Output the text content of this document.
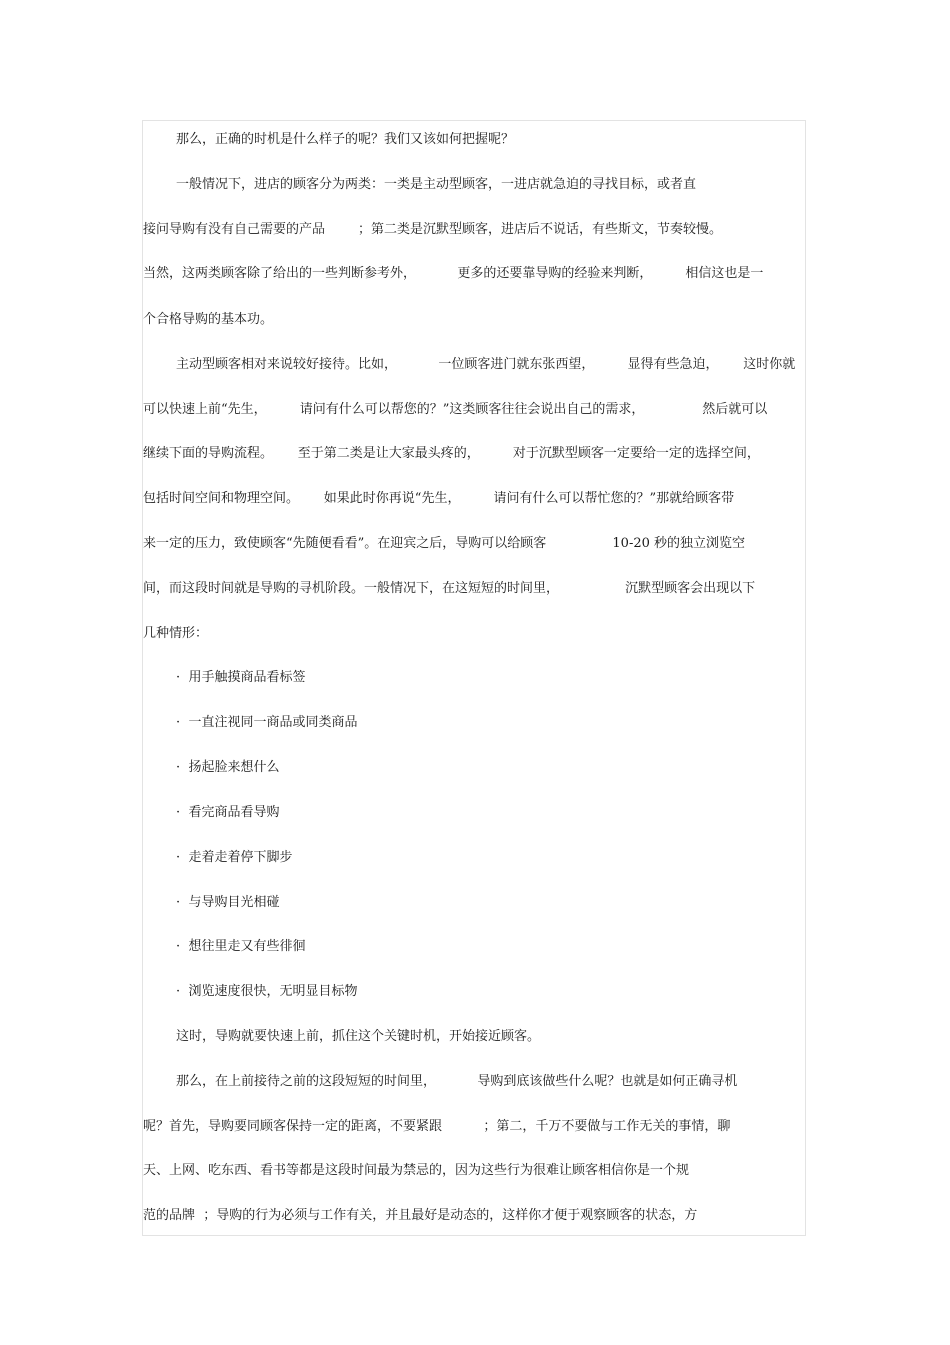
那么，正确的时机是什么样子的呢？我们又该如何把握呢？
一般情况下，进店的顾客分为两类：一类是主动型顾客，一进店就急迫的寻找目标，或者直
接问导购有没有自己需要的产品        ；第二类是沉默型顾客，进店后不说话，有些斯文，节奏较慢。
当然，这两类顾客除了给出的一些判断参考外，          更多的还要靠导购的经验来判断，        相信这也是一
个合格导购的基本功。
主动型顾客相对来说较好接待。比如，          一位顾客进门就东张西望，        显得有些急迫，      这时你就
可以快速上前“先生，        请问有什么可以帮您的？”这类顾客往往会说出自己的需求，              然后就可以
继续下面的导购流程。      至于第二类是让大家最头疼的，        对于沉默型顾客一定要给一定的选择空间，
包括时间空间和物理空间。      如果此时你再说“先生，        请问有什么可以帮忙您的？”那就给顾客带
来一定的压力，致使顾客“先随便看看”。在迎宾之后，导购可以给顾客                10-20 秒的独立浏览空
间，而这段时间就是导购的寻机阶段。一般情况下，在这短短的时间里，                沉默型顾客会出现以下
几种情形：
·  用手触摸商品看标签
·  一直注视同一商品或同类商品
·  扬起脸来想什么
·  看完商品看导购
·  走着走着停下脚步
·  与导购目光相碰
·  想往里走又有些徘徊
·  浏览速度很快，无明显目标物
这时，导购就要快速上前，抓住这个关键时机，开始接近顾客。
那么，在上前接待之前的这段短短的时间里，          导购到底该做些什么呢？也就是如何正确寻机
呢？首先，导购要同顾客保持一定的距离，不要紧跟          ；第二，千万不要做与工作无关的事情，聊
天、上网、吃东西、看书等都是这段时间最为禁忌的，因为这些行为很难让顾客相信你是一个规
范的品牌  ；导购的行为必须与工作有关，并且最好是动态的，这样你才便于观察顾客的状态，方
